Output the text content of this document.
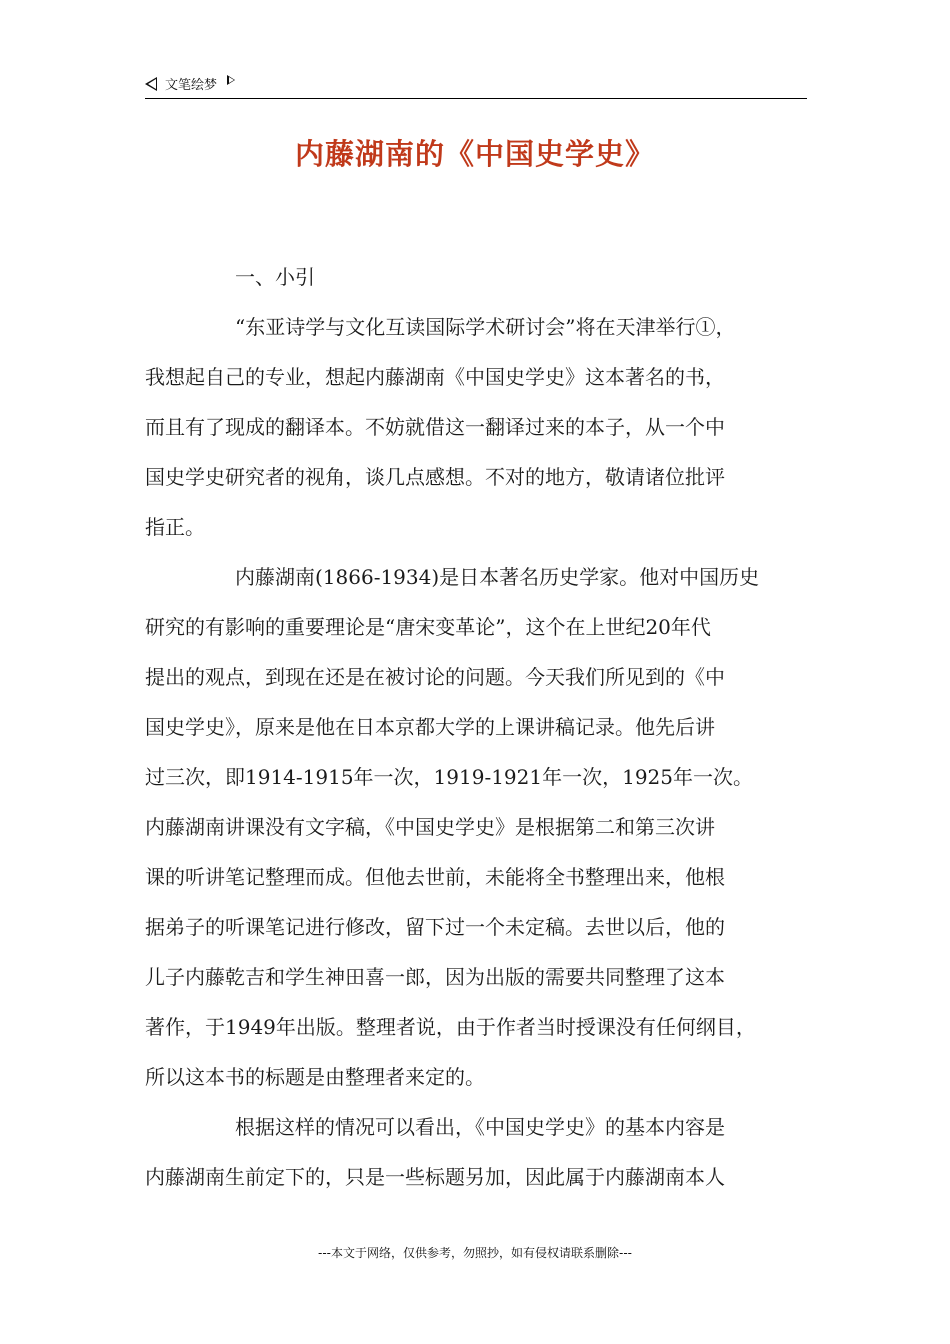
文笔绘梦
内藤湖南的《中国史学史》
一、小引
“东亚诗学与文化互读国际学术研讨会”将在天津举行①，
我想起自己的专业，想起内藤湖南《中国史学史》这本著名的书，
而且有了现成的翻译本。不妨就借这一翻译过来的本子，从一个中
国史学史研究者的视角，谈几点感想。不对的地方，敬请诸位批评
指正。
内藤湖南(1866-1934)是日本著名历史学家。他对中国历史
研究的有影响的重要理论是“唐宋变革论”，这个在上世纪20年代
提出的观点，到现在还是在被讨论的问题。今天我们所见到的《中
国史学史》，原来是他在日本京都大学的上课讲稿记录。他先后讲
过三次，即1914-1915年一次，1919-1921年一次，1925年一次。
内藤湖南讲课没有文字稿，《中国史学史》是根据第二和第三次讲
课的听讲笔记整理而成。但他去世前，未能将全书整理出来，他根
据弟子的听课笔记进行修改，留下过一个未定稿。去世以后，他的
儿子内藤乾吉和学生神田喜一郎，因为出版的需要共同整理了这本
著作，于1949年出版。整理者说，由于作者当时授课没有任何纲目，
所以这本书的标题是由整理者来定的。
根据这样的情况可以看出，《中国史学史》的基本内容是
内藤湖南生前定下的，只是一些标题另加，因此属于内藤湖南本人
---本文于网络，仅供参考，勿照抄，如有侵权请联系删除---
